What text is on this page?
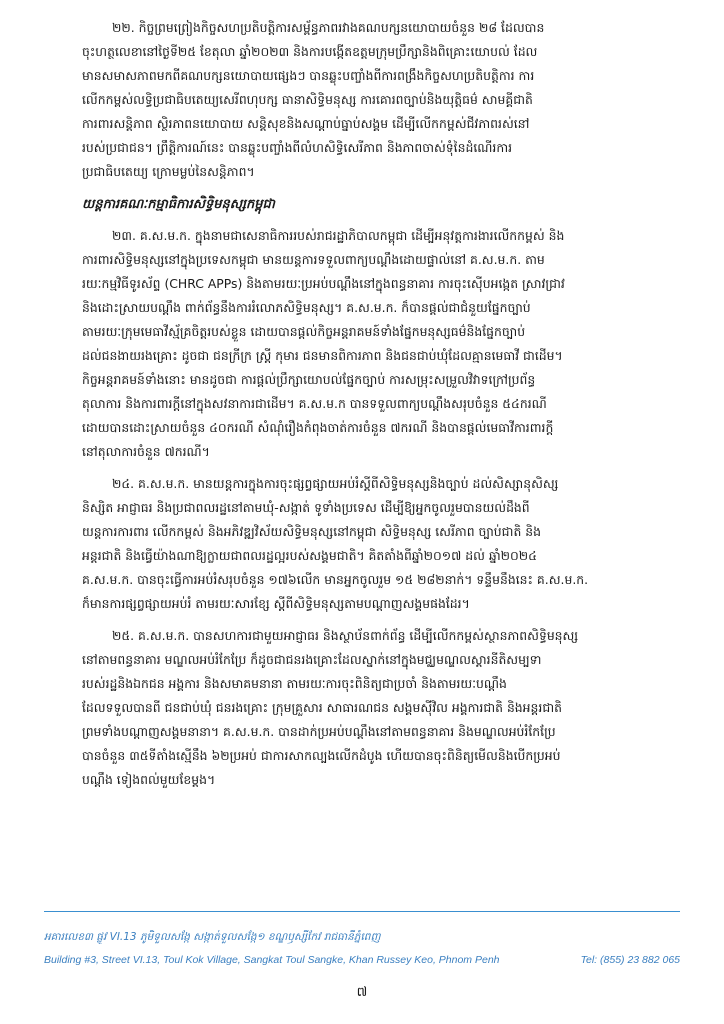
២២. កិច្ចព្រមព្រៀងកិច្ចសហប្រតិបត្តិការសម្ព័ន្ធភាពរវាងគណបក្សនយោបាយចំនួន ២៨ ដែលបាន
ចុះហត្ថលេខានៅថ្ងៃទី២៥ ខែតុលា ឆ្នាំ២០២៣ និងការបង្កើតឧត្តមក្រុមប្រឹក្សានិងពិគ្រោះយោបល់ ដែល
មានសមាសភាពមកពីគណបក្សនយោបាយផ្សេងៗ បានឆ្លុះបញ្ចាំងពីការពង្រឹងកិច្ចសហប្រតិបត្តិការ ការ
លើកកម្ពស់លទ្ធិប្រជាធិបតេយ្យសេរីពហុបក្ស ធានាសិទ្ធិមនុស្ស ការគោរពច្បាប់និងយុត្តិធម៌ សាមគ្គីជាតិ
ការពារសន្តិភាព ស្ថិរភាពនយោបាយ សន្តិសុខនិងសណ្តាប់ធ្នាប់សង្គម ដើម្បីលើកកម្ពស់ជីវភាពរស់នៅ
របស់ប្រជាជន។ ព្រឹត្តិការណ៍នេះ បានឆ្លុះបញ្ចាំងពីលំហសិទ្ធិសេរីភាព និងភាពចាស់ទុំនៃដំណើរការ
ប្រជាធិបតេយ្យ ក្រោមម្លប់នៃសន្តិភាព។

យន្តការគណៈកម្មាធិការសិទ្ធិមនុស្សកម្ពុជា

២៣. គ.ស.ម.ក. ក្នុងនាមជាសេនាធិការរបស់រាជរដ្ឋាភិបាលកម្ពុជា ដើម្បីអនុវត្តការងារលើកកម្ពស់ និង
ការពារសិទ្ធិមនុស្សនៅក្នុងប្រទេសកម្ពុជា មានយន្តការទទួលពាក្យបណ្តឹងដោយផ្ទាល់នៅ គ.ស.ម.ក. តាម
រយៈកម្មវិធីទូរស័ព្ទ (CHRC APPs) និងតាមរយៈប្រអប់បណ្តឹងនៅក្នុងពន្ធនាគារ ការចុះស៊ើបអង្កេត ស្រាវជ្រាវ
និងដោះស្រាយបណ្តឹង ពាក់ព័ន្ធនឹងការរំលោភសិទ្ធិមនុស្ស។ គ.ស.ម.ក. ក៏បានផ្តល់ជាជំនួយផ្នែកច្បាប់
តាមរយៈក្រុមមេធាវីស្ម័គ្រចិត្តរបស់ខ្លួន ដោយបានផ្តល់កិច្ចអន្តរាគមន៍ទាំងផ្នែកមនុស្សធម៌និងផ្នែកច្បាប់
ដល់ជនងាយរងគ្រោះ ដូចជា ជនក្រីក្រ ស្ត្រី កុមារ ជនមានពិការភាព និងជនជាប់ឃុំដែលគ្មានមេធាវី ជាដើម។
កិច្ចអន្តរាគមន៍ទាំងនោះ មានដូចជា ការផ្តល់ប្រឹក្សាយោបល់ផ្នែកច្បាប់ ការសម្រុះសម្រួលវិវាទក្រៅប្រព័ន្ធ
តុលាការ និងការពារក្តីនៅក្នុងសវនាការជាដើម។ គ.ស.ម.ក បានទទួលពាក្យបណ្តឹងសរុបចំនួន ៥៤ករណី
ដោយបានដោះស្រាយចំនួន ៤០ករណី សំណុំរឿងកំពុងចាត់ការចំនួន ៧ករណី និងបានផ្តល់មេធាវីការពារក្តី
នៅតុលាការចំនួន ៧ករណី។

២៤. គ.ស.ម.ក. មានយន្តការក្នុងការចុះផ្សព្វផ្សាយអប់រំស្តីពីសិទ្ធិមនុស្សនិងច្បាប់ ដល់សិស្សានុសិស្ស
និស្សិត អាជ្ញាធរ និងប្រជាពលរដ្ឋនៅតាមឃុំ-សង្កាត់ ទូទាំងប្រទេស ដើម្បីឱ្យអ្នកចូលរួមបានយល់ដឹងពី
យន្តការការពារ លើកកម្ពស់ និងអភិវឌ្ឍវិស័យសិទ្ធិមនុស្សនៅកម្ពុជា សិទ្ធិមនុស្ស សេរីភាព ច្បាប់ជាតិ និង
អន្តរជាតិ និងធ្វើយ៉ាងណាឱ្យក្លាយជាពលរដ្ឋល្អរបស់សង្គមជាតិ។ គិតតាំងពីឆ្នាំ២០១៧ ដល់ ឆ្នាំ២០២៤
គ.ស.ម.ក. បានចុះធ្វើការអប់រំសរុបចំនួន ១៧៦លើក មានអ្នកចូលរួម ១៥ ២៨២នាក់។ ទន្ទឹមនឹងនេះ គ.ស.ម.ក.
ក៏មានការផ្សព្វផ្សាយអប់រំ តាមរយៈសារខ្សែ ស្តីពីសិទ្ធិមនុស្សតាមបណ្តាញសង្គមផងដែរ។

២៥. គ.ស.ម.ក. បានសហការជាមួយអាជ្ញាធរ និងស្ថាប័នពាក់ព័ន្ធ ដើម្បីលើកកម្ពស់ស្ថានភាពសិទ្ធិមនុស្ស
នៅតាមពន្ធនាគារ មណ្ឌលអប់រំកែប្រែ ក៏ដូចជាជនរងគ្រោះដែលស្នាក់នៅក្នុងមជ្ឈមណ្ឌលស្តារនីតិសម្បទា
របស់រដ្ឋនិងឯកជន អង្គការ និងសមាគមនានា តាមរយៈការចុះពិនិត្យជាប្រចាំ និងតាមរយៈបណ្តឹង
ដែលទទួលបានពី ជនជាប់ឃុំ ជនរងគ្រោះ ក្រុមគ្រួសារ សាធារណជន សង្គមស៊ីវិល អង្គការជាតិ និងអន្តរជាតិ
ព្រមទាំងបណ្តាញសង្គមនានា។ គ.ស.ម.ក. បានដាក់ប្រអប់បណ្តឹងនៅតាមពន្ធនាគារ និងមណ្ឌលអប់រំកែប្រែ
បានចំនួន ៣៥ទីតាំងស្មើនឹង ៦២ប្រអប់ ជាការសាកល្បងលើកដំបូង ហើយបានចុះពិនិត្យមើលនិងបើកប្រអប់
បណ្តឹង ទៀងពល់មួយខែម្តង។

អគារលេខ៣ ផ្លូវ VI.13 ភូមិទួលសង្កែ សង្កាត់ទួលសង្កែ១ ខណ្ឌឫស្សីកែវ រាជធានីភ្នំពេញ
Building #3, Street VI.13, Toul Kok Village, Sangkat Toul Sangke, Khan Russey Keo, Phnom Penh	Tel: (855) 23 882 065
៧
